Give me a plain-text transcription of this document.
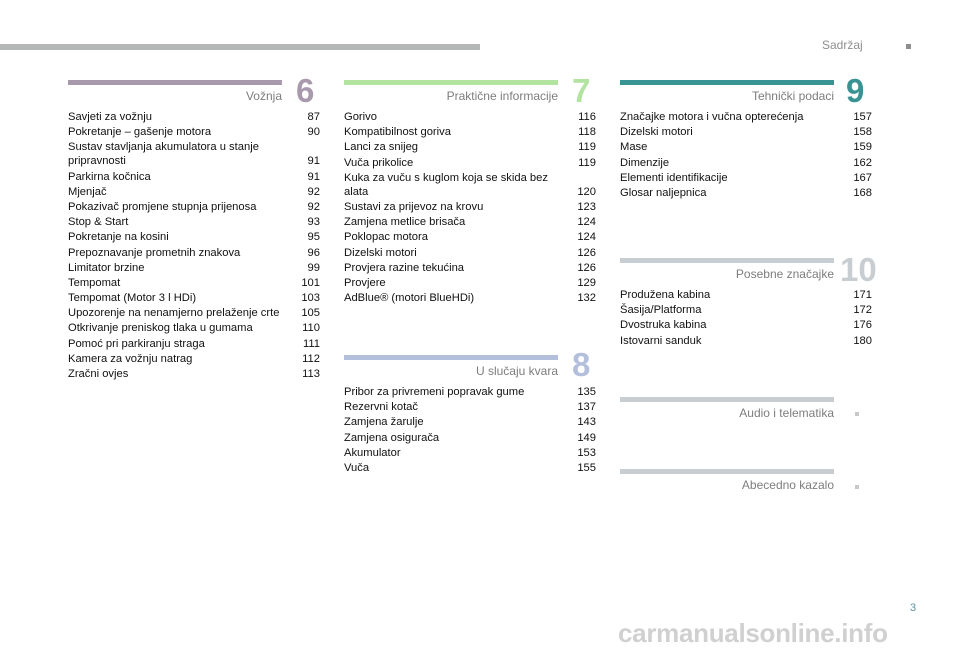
Sadržaj
Vožnja 6
Savjeti za vožnju	87
Pokretanje – gašenje motora	90
Sustav stavljanja akumulatora u stanje pripravnosti	91
Parkirna kočnica	91
Mjenjač	92
Pokazivač promjene stupnja prijenosa	92
Stop & Start	93
Pokretanje na kosini	95
Prepoznavanje prometnih znakova	96
Limitator brzine	99
Tempomat	101
Tempomat (Motor 3 l HDi)	103
Upozorenje na nenamjerno prelaženje crte	105
Otkrivanje preniskog tlaka u gumama	110
Pomoć pri parkiranju straga	111
Kamera za vožnju natrag	112
Zračni ovjes	113
Praktične informacije 7
Gorivo	116
Kompatibilnost goriva	118
Lanci za snijeg	119
Vuča prikolice	119
Kuka za vuču s kuglom koja se skida bez alata	120
Sustavi za prijevoz na krovu	123
Zamjena metlice brisača	124
Poklopac motora	124
Dizelski motori	126
Provjera razine tekućina	126
Provjere	129
AdBlue® (motori BlueHDi)	132
U slučaju kvara 8
Pribor za privremeni popravak gume	135
Rezervni kotač	137
Zamjena žarulje	143
Zamjena osigurača	149
Akumulator	153
Vuča	155
Tehnički podaci 9
Značajke motora i vučna opterećenja	157
Dizelski motori	158
Mase	159
Dimenzije	162
Elementi identifikacije	167
Glosar naljepnica	168
Posebne značajke 10
Produžena kabina	171
Šasija/Platforma	172
Dvostruka kabina	176
Istovarni sanduk	180
Audio i telematika
Abecedno kazalo
3
carmanualsonline.info
